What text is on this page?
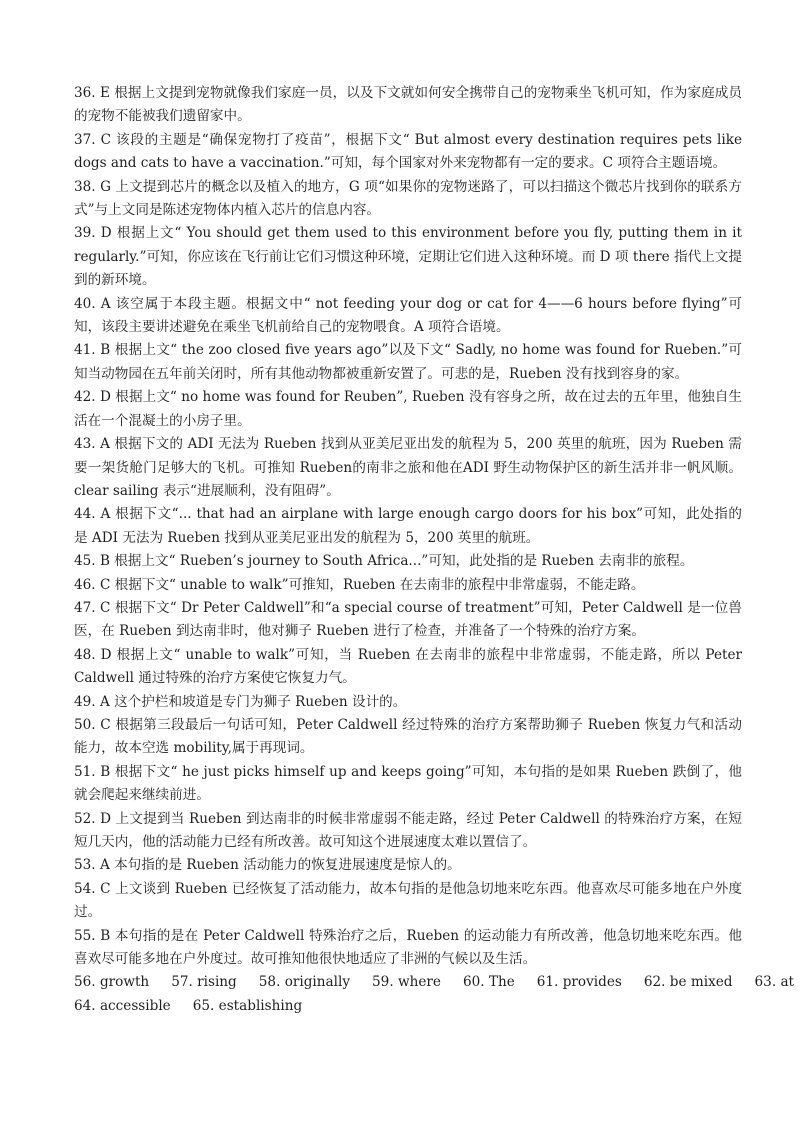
36. E 根据上文提到宠物就像我们家庭一员，以及下文就如何安全携带自己的宠物乘坐飞机可知，作为家庭成员的宠物不能被我们遗留家中。

37. C 该段的主题是“确保宠物打了疫苗”，根据下文“ But almost every destination requires pets like dogs and cats to have a vaccination.”可知，每个国家对外来宠物都有一定的要求。C 项符合主题语境。

38. G 上文提到芯片的概念以及植入的地方，G 项“如果你的宠物迷路了，可以扫描这个微芯片找到你的联系方式”与上文同是陈述宠物体内植入芯片的信息内容。

39. D 根据上文“ You should get them used to this environment before you fly, putting them in it regularly.”可知，你应该在飞行前让它们习惯这种环境，定期让它们进入这种环境。而 D 项 there 指代上文提到的新环境。

40. A 该空属于本段主题。根据文中“ not feeding your dog or cat for 4——6 hours before flying”可知，该段主要讲述避免在乘坐飞机前给自己的宠物喂食。A 项符合语境。

41. B 根据上文“ the zoo closed five years ago”以及下文“ Sadly, no home was found for Rueben.”可知当动物园在五年前关闭时，所有其他动物都被重新安置了。可悲的是，Rueben 没有找到容身的家。

42. D 根据上文“ no home was found for Reuben”, Rueben 没有容身之所，故在过去的五年里，他独自生活在一个混凝土的小房子里。

43. A 根据下文的 ADI 无法为 Rueben 找到从亚美尼亚出发的航程为 5，200 英里的航班，因为 Rueben 需要一架货舱门足够大的飞机。可推知 Rueben的南非之旅和他在ADI 野生动物保护区的新生活并非一帆风顺。clear sailing 表示“进展顺利，没有阻碍”。

44. A 根据下文“... that had an airplane with large enough cargo doors for his box”可知，此处指的是 ADI 无法为 Rueben 找到从亚美尼亚出发的航程为 5，200 英里的航班。

45. B 根据上文“ Rueben’s journey to South Africa...”可知，此处指的是 Rueben 去南非的旅程。

46. C 根据下文“ unable to walk”可推知，Rueben 在去南非的旅程中非常虚弱，不能走路。

47. C 根据下文“ Dr Peter Caldwell”和“a special course of treatment”可知，Peter Caldwell 是一位兽医，在 Rueben 到达南非时，他对狮子 Rueben 进行了检查，并准备了一个特殊的治疗方案。

48. D 根据上文“ unable to walk”可知，当 Rueben 在去南非的旅程中非常虚弱，不能走路，所以 Peter Caldwell 通过特殊的治疗方案使它恢复力气。

49. A 这个护栏和坡道是专门为狮子 Rueben 设计的。

50. C 根据第三段最后一句话可知，Peter Caldwell 经过特殊的治疗方案帮助狮子 Rueben 恢复力气和活动能力，故本空选 mobility,属于再现词。

51. B 根据下文“ he just picks himself up and keeps going”可知，本句指的是如果 Rueben 跌倒了，他就会爬起来继续前进。

52. D 上文提到当 Rueben 到达南非的时候非常虚弱不能走路，经过 Peter Caldwell 的特殊治疗方案，在短短几天内，他的活动能力已经有所改善。故可知这个进展速度太难以置信了。

53. A 本句指的是 Rueben 活动能力的恢复进展速度是惊人的。

54. C 上文谈到 Rueben 已经恢复了活动能力，故本句指的是他急切地来吃东西。他喜欢尽可能多地在户外度过。

55. B 本句指的是在 Peter Caldwell 特殊治疗之后，Rueben 的运动能力有所改善，他急切地来吃东西。他喜欢尽可能多地在户外度过。故可推知他很快地适应了非洲的气候以及生活。

56. growth 57. rising 58. originally 59. where 60. The 61. provides 62. be mixed 63. at
64. accessible 65. establishing
